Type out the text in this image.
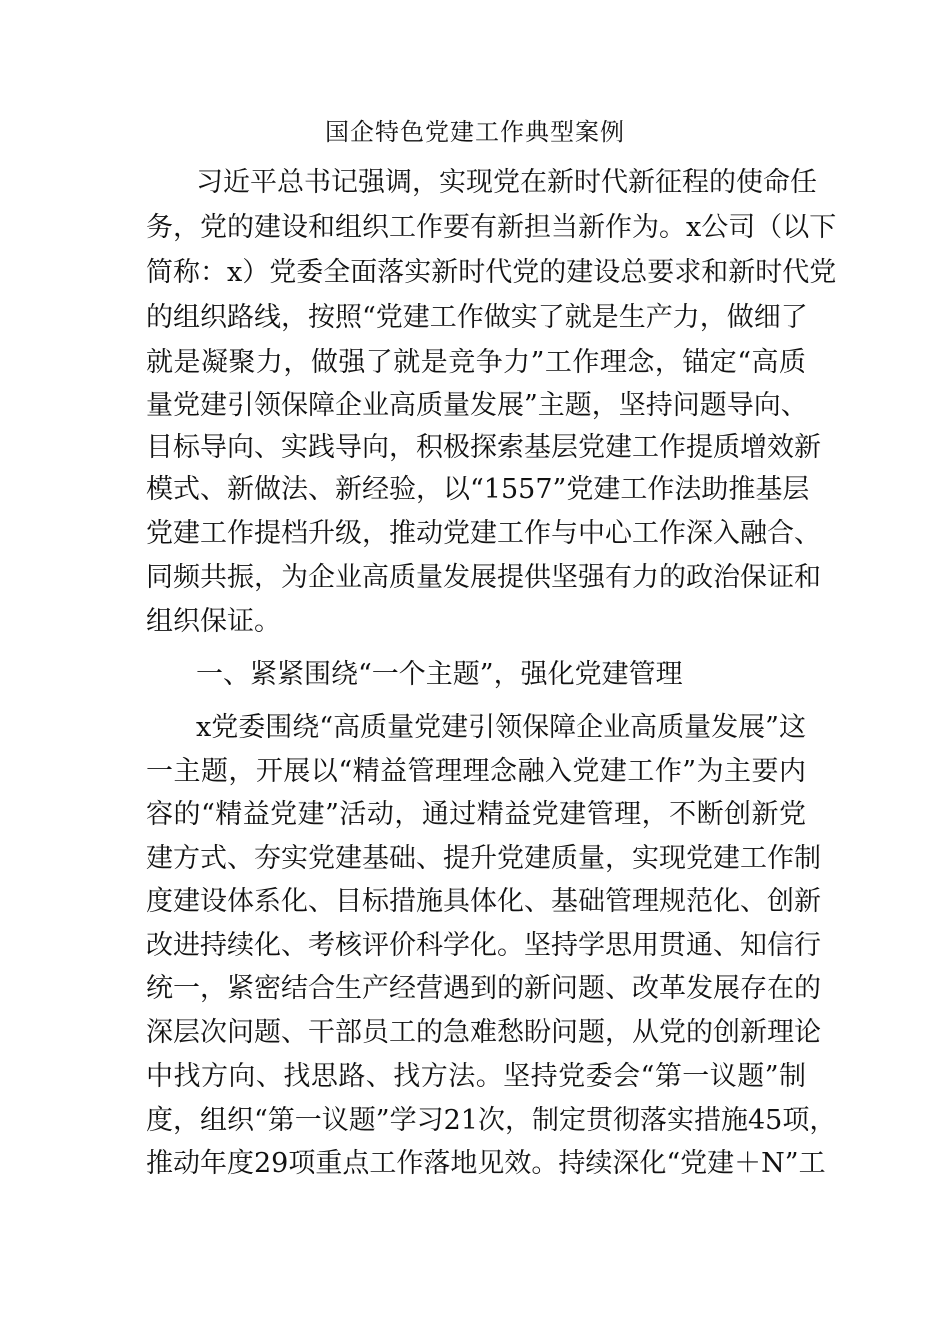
国企特色党建工作典型案例
习近平总书记强调，实现党在新时代新征程的使命任
务，党的建设和组织工作要有新担当新作为。x公司（以下
简称：x）党委全面落实新时代党的建设总要求和新时代党
的组织路线，按照“党建工作做实了就是生产力，做细了
就是凝聚力，做强了就是竞争力”工作理念，锚定“高质
量党建引领保障企业高质量发展”主题，坚持问题导向、
目标导向、实践导向，积极探索基层党建工作提质增效新
模式、新做法、新经验，以“1557”党建工作法助推基层
党建工作提档升级，推动党建工作与中心工作深入融合、
同频共振，为企业高质量发展提供坚强有力的政治保证和
组织保证。
一、紧紧围绕“一个主题”，强化党建管理
x党委围绕“高质量党建引领保障企业高质量发展”这
一主题，开展以“精益管理理念融入党建工作”为主要内
容的“精益党建”活动，通过精益党建管理，不断创新党
建方式、夯实党建基础、提升党建质量，实现党建工作制
度建设体系化、目标措施具体化、基础管理规范化、创新
改进持续化、考核评价科学化。坚持学思用贯通、知信行
统一，紧密结合生产经营遇到的新问题、改革发展存在的
深层次问题、干部员工的急难愁盼问题，从党的创新理论
中找方向、找思路、找方法。坚持党委会“第一议题”制
度，组织“第一议题”学习21次，制定贯彻落实措施45项，
推动年度29项重点工作落地见效。持续深化“党建＋N”工
